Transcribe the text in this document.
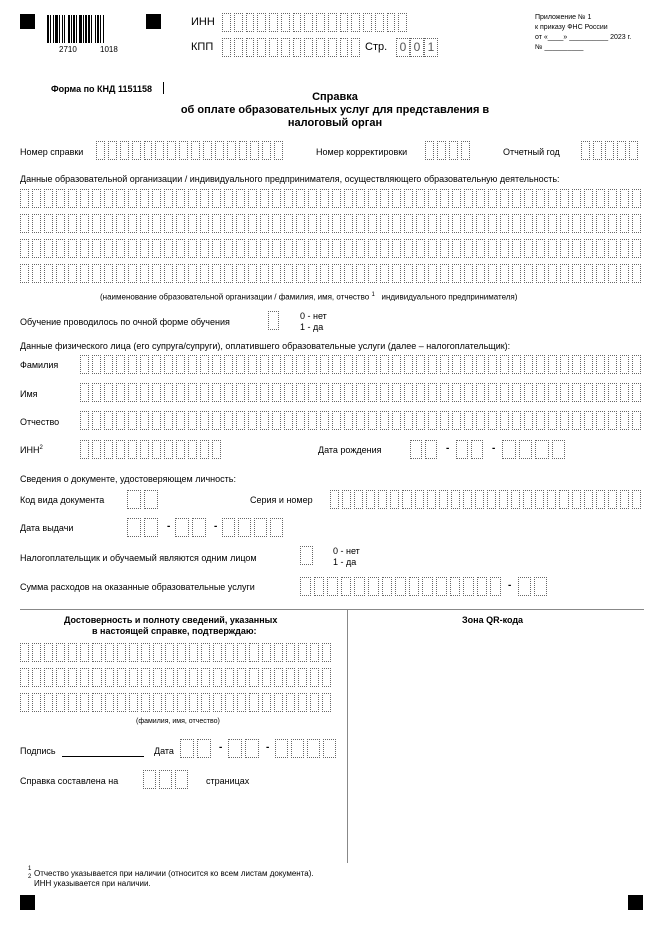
2710	1018
ИНН
КПП	Стр.	0 0 1
Приложение № 1
к приказу ФНС России
от «____» __________ 2023 г.
№ __________
Форма по КНД 1151158
Справка
об оплате образовательных услуг для представления в
налоговый орган
Номер справки	Номер корректировки	Отчетный год
Данные образовательной организации / индивидуального предпринимателя, осуществляющего образовательную деятельность:
(наименование образовательной организации / фамилия, имя, отчество $^1$ индивидуального предпринимателя)
Обучение проводилось по очной форме обучения
0 - нет
1 - да
Данные физического лица (его супруга/супруги), оплатившего образовательные услуги (далее – налогоплательщик):
Фамилия
Имя
Отчество
ИНН$^2$	Дата рождения	-	-
Сведения о документе, удостоверяющем личность:
Код вида документа	Серия и номер
Дата выдачи	-	-
Налогоплательщик и обучаемый являются одним лицом
0 - нет
1 - да
Сумма расходов на оказанные образовательные услуги	-
Достоверность и полноту сведений, указанных
в настоящей справке, подтверждаю:
Зона QR-кода
(фамилия, имя, отчество)
Подпись	Дата	-	-
Справка составлена на	страницах
1
2 Отчество указывается при наличии (относится ко всем листам документа).
ИНН указывается при наличии.
